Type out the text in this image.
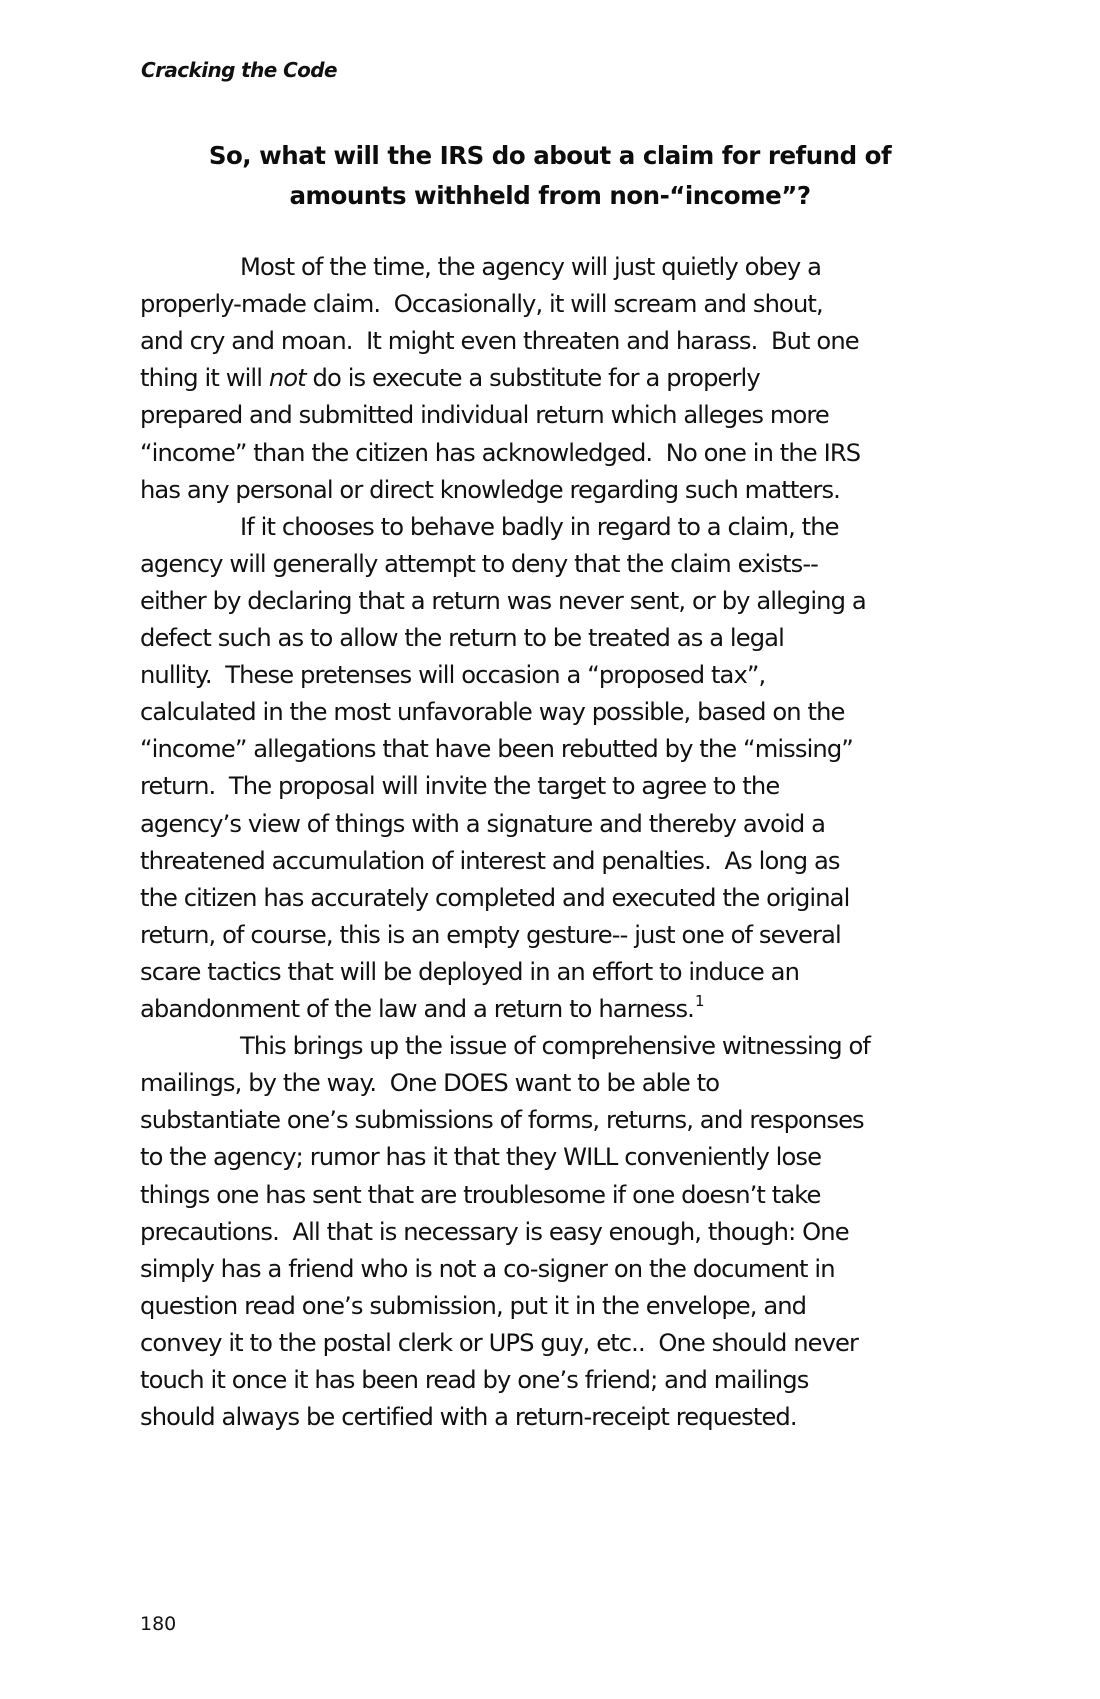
Cracking the Code
So, what will the IRS do about a claim for refund of
amounts withheld from non-“income”?
Most of the time, the agency will just quietly obey a
properly-made claim.  Occasionally, it will scream and shout,
and cry and moan.  It might even threaten and harass.  But one
thing it will not do is execute a substitute for a properly
prepared and submitted individual return which alleges more
“income” than the citizen has acknowledged.  No one in the IRS
has any personal or direct knowledge regarding such matters.
If it chooses to behave badly in regard to a claim, the
agency will generally attempt to deny that the claim exists--
either by declaring that a return was never sent, or by alleging a
defect such as to allow the return to be treated as a legal
nullity.  These pretenses will occasion a “proposed tax”,
calculated in the most unfavorable way possible, based on the
“income” allegations that have been rebutted by the “missing”
return.  The proposal will invite the target to agree to the
agency’s view of things with a signature and thereby avoid a
threatened accumulation of interest and penalties.  As long as
the citizen has accurately completed and executed the original
return, of course, this is an empty gesture-- just one of several
scare tactics that will be deployed in an effort to induce an
abandonment of the law and a return to harness.$^1$
This brings up the issue of comprehensive witnessing of
mailings, by the way.  One DOES want to be able to
substantiate one’s submissions of forms, returns, and responses
to the agency; rumor has it that they WILL conveniently lose
things one has sent that are troublesome if one doesn’t take
precautions.  All that is necessary is easy enough, though: One
simply has a friend who is not a co-signer on the document in
question read one’s submission, put it in the envelope, and
convey it to the postal clerk or UPS guy, etc..  One should never
touch it once it has been read by one’s friend; and mailings
should always be certified with a return-receipt requested.
180
